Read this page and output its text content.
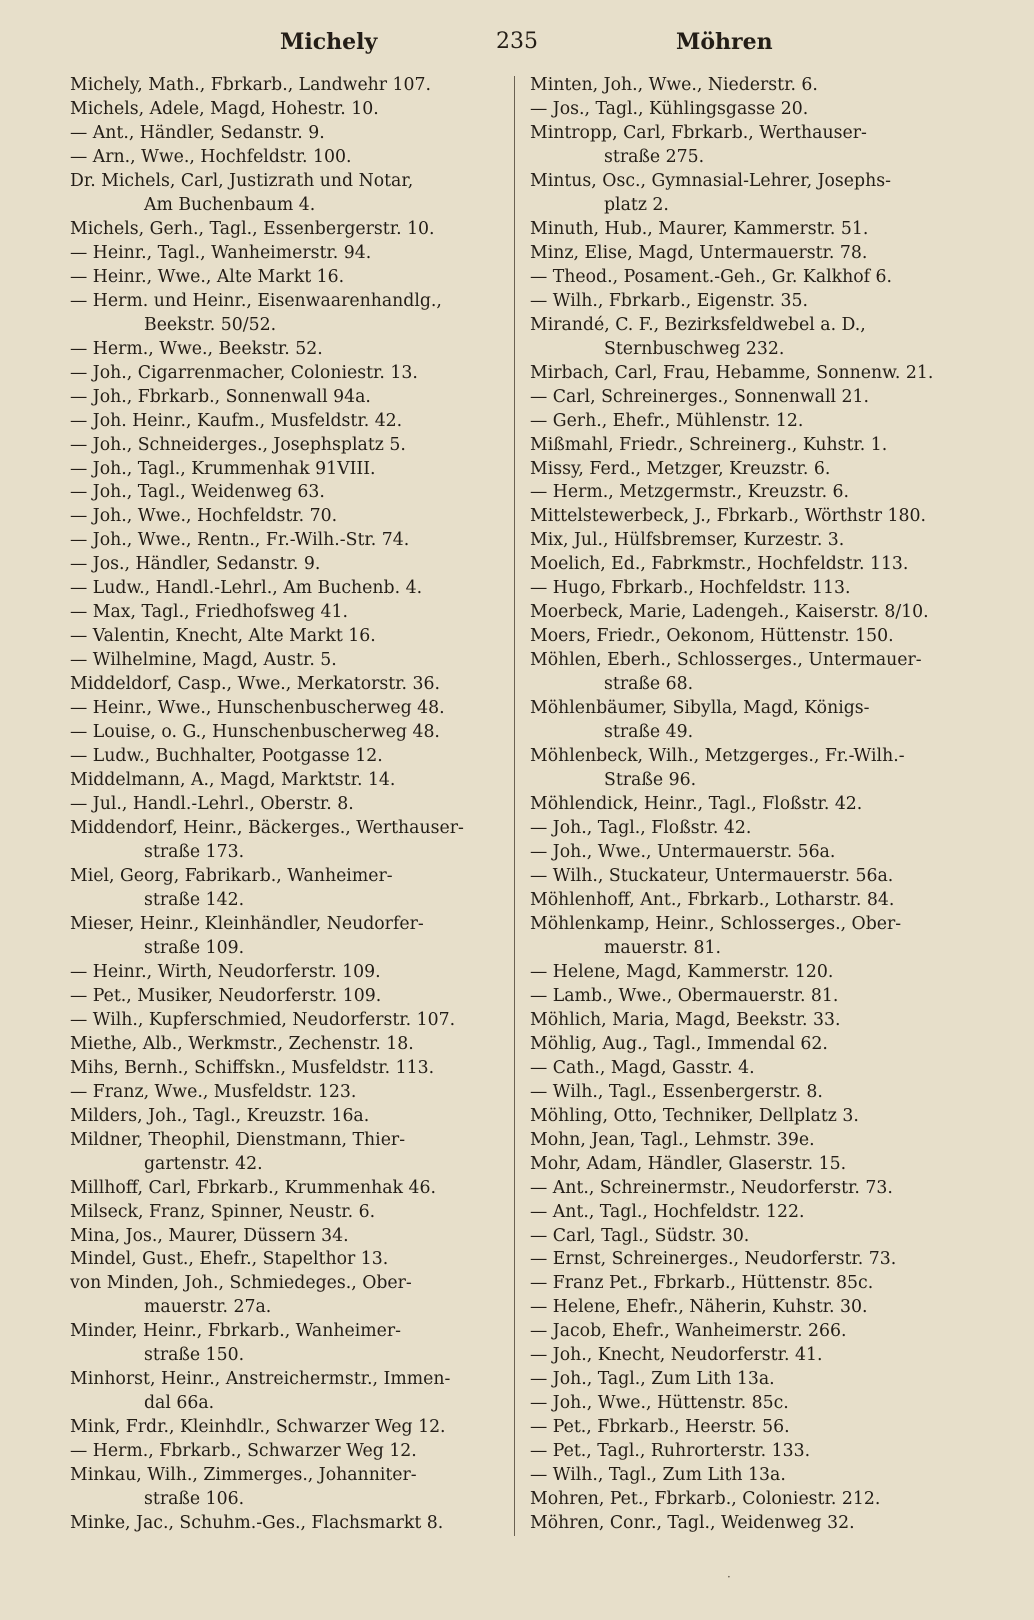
Michely	235	Möhren
Michely, Math., Fbrkarb., Landwehr 107.
Michels, Adele, Magd, Hohestr. 10.
— Ant., Händler, Sedanstr. 9.
— Arn., Wwe., Hochfeldstr. 100.
Dr. Michels, Carl, Justizrath und Notar,
Am Buchenbaum 4.
Michels, Gerh., Tagl., Essenbergerstr. 10.
— Heinr., Tagl., Wanheimerstr. 94.
— Heinr., Wwe., Alte Markt 16.
— Herm. und Heinr., Eisenwaarenhandlg.,
Beekstr. 50/52.
— Herm., Wwe., Beekstr. 52.
— Joh., Cigarrenmacher, Coloniestr. 13.
— Joh., Fbrkarb., Sonnenwall 94a.
— Joh. Heinr., Kaufm., Musfeldstr. 42.
— Joh., Schneiderges., Josephsplatz 5.
— Joh., Tagl., Krummenhak 91VIII.
— Joh., Tagl., Weidenweg 63.
— Joh., Wwe., Hochfeldstr. 70.
— Joh., Wwe., Rentn., Fr.-Wilh.-Str. 74.
— Jos., Händler, Sedanstr. 9.
— Ludw., Handl.-Lehrl., Am Buchenb. 4.
— Max, Tagl., Friedhofsweg 41.
— Valentin, Knecht, Alte Markt 16.
— Wilhelmine, Magd, Austr. 5.
Middeldorf, Casp., Wwe., Merkatorstr. 36.
— Heinr., Wwe., Hunschenbuscherweg 48.
— Louise, o. G., Hunschenbuscherweg 48.
— Ludw., Buchhalter, Pootgasse 12.
Middelmann, A., Magd, Marktstr. 14.
— Jul., Handl.-Lehrl., Oberstr. 8.
Middendorf, Heinr., Bäckerges., Werthauser-
straße 173.
Miel, Georg, Fabrikarb., Wanheimer-
straße 142.
Mieser, Heinr., Kleinhändler, Neudorfer-
straße 109.
— Heinr., Wirth, Neudorferstr. 109.
— Pet., Musiker, Neudorferstr. 109.
— Wilh., Kupferschmied, Neudorferstr. 107.
Miethe, Alb., Werkmstr., Zechenstr. 18.
Mihs, Bernh., Schiffskn., Musfeldstr. 113.
— Franz, Wwe., Musfeldstr. 123.
Milders, Joh., Tagl., Kreuzstr. 16a.
Mildner, Theophil, Dienstmann, Thier-
gartenstr. 42.
Millhoff, Carl, Fbrkarb., Krummenhak 46.
Milseck, Franz, Spinner, Neustr. 6.
Mina, Jos., Maurer, Düssern 34.
Mindel, Gust., Ehefr., Stapelthor 13.
von Minden, Joh., Schmiedeges., Ober-
mauerstr. 27a.
Minder, Heinr., Fbrkarb., Wanheimer-
straße 150.
Minhorst, Heinr., Anstreichermstr., Immen-
dal 66a.
Mink, Frdr., Kleinhdlr., Schwarzer Weg 12.
— Herm., Fbrkarb., Schwarzer Weg 12.
Minkau, Wilh., Zimmerges., Johanniter-
straße 106.
Minke, Jac., Schuhm.-Ges., Flachsmarkt 8.
Minten, Joh., Wwe., Niederstr. 6.
— Jos., Tagl., Kühlingsgasse 20.
Mintropp, Carl, Fbrkarb., Werthauser-
straße 275.
Mintus, Osc., Gymnasial-Lehrer, Josephs-
platz 2.
Minuth, Hub., Maurer, Kammerstr. 51.
Minz, Elise, Magd, Untermauerstr. 78.
— Theod., Posament.-Geh., Gr. Kalkhof 6.
— Wilh., Fbrkarb., Eigenstr. 35.
Mirandé, C. F., Bezirksfeldwebel a. D.,
Sternbuschweg 232.
Mirbach, Carl, Frau, Hebamme, Sonnenw. 21.
— Carl, Schreinerges., Sonnenwall 21.
— Gerh., Ehefr., Mühlenstr. 12.
Mißmahl, Friedr., Schreinerg., Kuhstr. 1.
Missy, Ferd., Metzger, Kreuzstr. 6.
— Herm., Metzgermstr., Kreuzstr. 6.
Mittelstewerbeck, J., Fbrkarb., Wörthstr 180.
Mix, Jul., Hülfsbremser, Kurzestr. 3.
Moelich, Ed., Fabrkmstr., Hochfeldstr. 113.
— Hugo, Fbrkarb., Hochfeldstr. 113.
Moerbeck, Marie, Ladengeh., Kaiserstr. 8/10.
Moers, Friedr., Oekonom, Hüttenstr. 150.
Möhlen, Eberh., Schlosserges., Untermauer-
straße 68.
Möhlenbäumer, Sibylla, Magd, Königs-
straße 49.
Möhlenbeck, Wilh., Metzgerges., Fr.-Wilh.-
Straße 96.
Möhlendick, Heinr., Tagl., Floßstr. 42.
— Joh., Tagl., Floßstr. 42.
— Joh., Wwe., Untermauerstr. 56a.
— Wilh., Stuckateur, Untermauerstr. 56a.
Möhlenhoff, Ant., Fbrkarb., Lotharstr. 84.
Möhlenkamp, Heinr., Schlosserges., Ober-
mauerstr. 81.
— Helene, Magd, Kammerstr. 120.
— Lamb., Wwe., Obermauerstr. 81.
Möhlich, Maria, Magd, Beekstr. 33.
Möhlig, Aug., Tagl., Immendal 62.
— Cath., Magd, Gasstr. 4.
— Wilh., Tagl., Essenbergerstr. 8.
Möhling, Otto, Techniker, Dellplatz 3.
Mohn, Jean, Tagl., Lehmstr. 39e.
Mohr, Adam, Händler, Glaserstr. 15.
— Ant., Schreinermstr., Neudorferstr. 73.
— Ant., Tagl., Hochfeldstr. 122.
— Carl, Tagl., Südstr. 30.
— Ernst, Schreinerges., Neudorferstr. 73.
— Franz Pet., Fbrkarb., Hüttenstr. 85c.
— Helene, Ehefr., Näherin, Kuhstr. 30.
— Jacob, Ehefr., Wanheimerstr. 266.
— Joh., Knecht, Neudorferstr. 41.
— Joh., Tagl., Zum Lith 13a.
— Joh., Wwe., Hüttenstr. 85c.
— Pet., Fbrkarb., Heerstr. 56.
— Pet., Tagl., Ruhrorterstr. 133.
— Wilh., Tagl., Zum Lith 13a.
Mohren, Pet., Fbrkarb., Coloniestr. 212.
Möhren, Conr., Tagl., Weidenweg 32.
·
